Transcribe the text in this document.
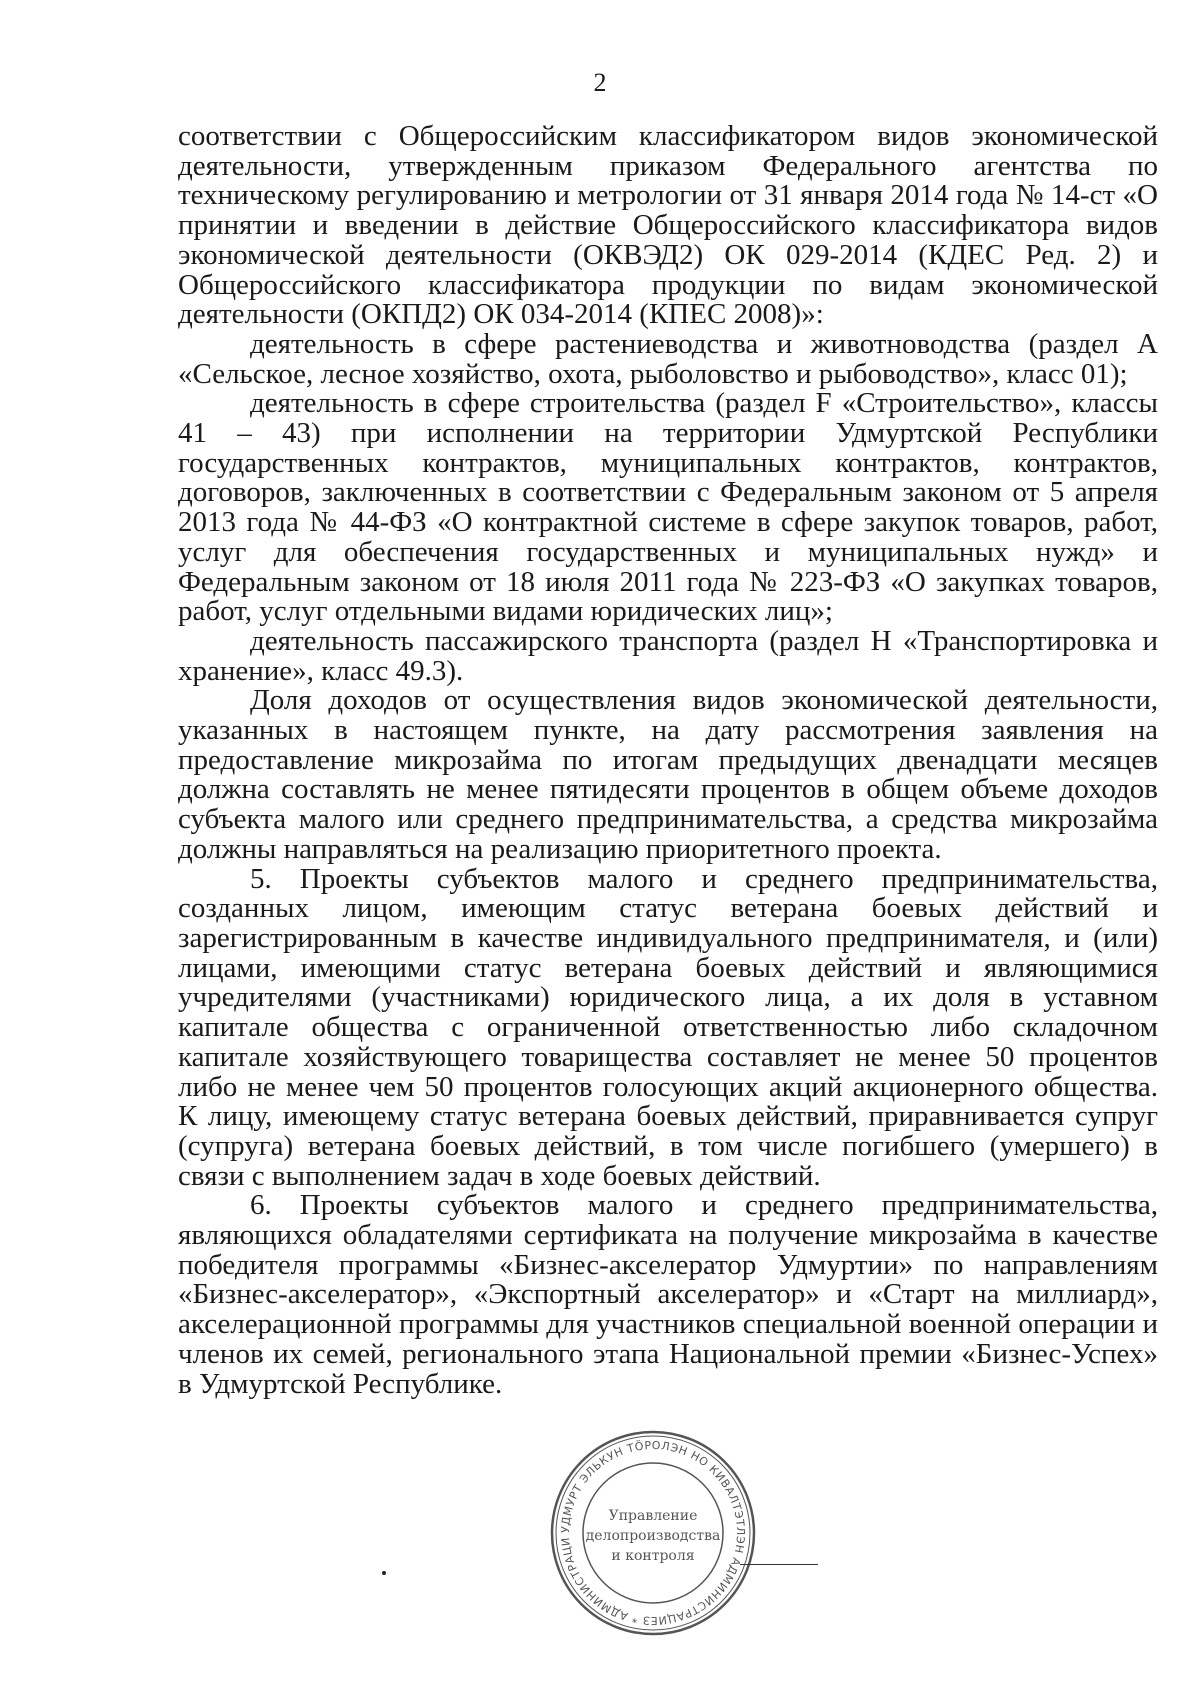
2

соответствии с Общероссийским классификатором видов экономической деятельности, утвержденным приказом Федерального агентства по техническому регулированию и метрологии от 31 января 2014 года № 14-ст «О принятии и введении в действие Общероссийского классификатора видов экономической деятельности (ОКВЭД2) ОК 029-2014 (КДЕС Ред. 2) и Общероссийского классификатора продукции по видам экономической деятельности (ОКПД2) ОК 034-2014 (КПЕС 2008)»:

деятельность в сфере растениеводства и животноводства (раздел А «Сельское, лесное хозяйство, охота, рыболовство и рыбоводство», класс 01);

деятельность в сфере строительства (раздел F «Строительство», классы 41 – 43) при исполнении на территории Удмуртской Республики государственных контрактов, муниципальных контрактов, контрактов, договоров, заключенных в соответствии с Федеральным законом от 5 апреля 2013 года № 44-ФЗ «О контрактной системе в сфере закупок товаров, работ, услуг для обеспечения государственных и муниципальных нужд» и Федеральным законом от 18 июля 2011 года № 223-ФЗ «О закупках товаров, работ, услуг отдельными видами юридических лиц»;

деятельность пассажирского транспорта (раздел Н «Транспортировка и хранение», класс 49.3).

Доля доходов от осуществления видов экономической деятельности, указанных в настоящем пункте, на дату рассмотрения заявления на предоставление микрозайма по итогам предыдущих двенадцати месяцев должна составлять не менее пятидесяти процентов в общем объеме доходов субъекта малого или среднего предпринимательства, а средства микрозайма должны направляться на реализацию приоритетного проекта.

5. Проекты субъектов малого и среднего предпринимательства, созданных лицом, имеющим статус ветерана боевых действий и зарегистрированным в качестве индивидуального предпринимателя, и (или) лицами, имеющими статус ветерана боевых действий и являющимися учредителями (участниками) юридического лица, а их доля в уставном капитале общества с ограниченной ответственностью либо складочном капитале хозяйствующего товарищества составляет не менее 50 процентов либо не менее чем 50 процентов голосующих акций акционерного общества. К лицу, имеющему статус ветерана боевых действий, приравнивается супруг (супруга) ветерана боевых действий, в том числе погибшего (умершего) в связи с выполнением задач в ходе боевых действий.

6. Проекты субъектов малого и среднего предпринимательства, являющихся обладателями сертификата на получение микрозайма в качестве победителя программы «Бизнес-акселератор Удмуртии» по направлениям «Бизнес-акселератор», «Экспортный акселератор» и «Старт на миллиард», акселерационной программы для участников специальной военной операции и членов их семей, регионального этапа Национальной премии «Бизнес-Успех» в Удмуртской Республике.

УДМУРТ ЭЛЬКУН ТӦРОЛЭН НО КИВАЛТЭТЛЭН АДМИНИСТРАЦИЕЗ * АДМИНИСТРАЦИ
Управление
делопроизводства
и контроля
